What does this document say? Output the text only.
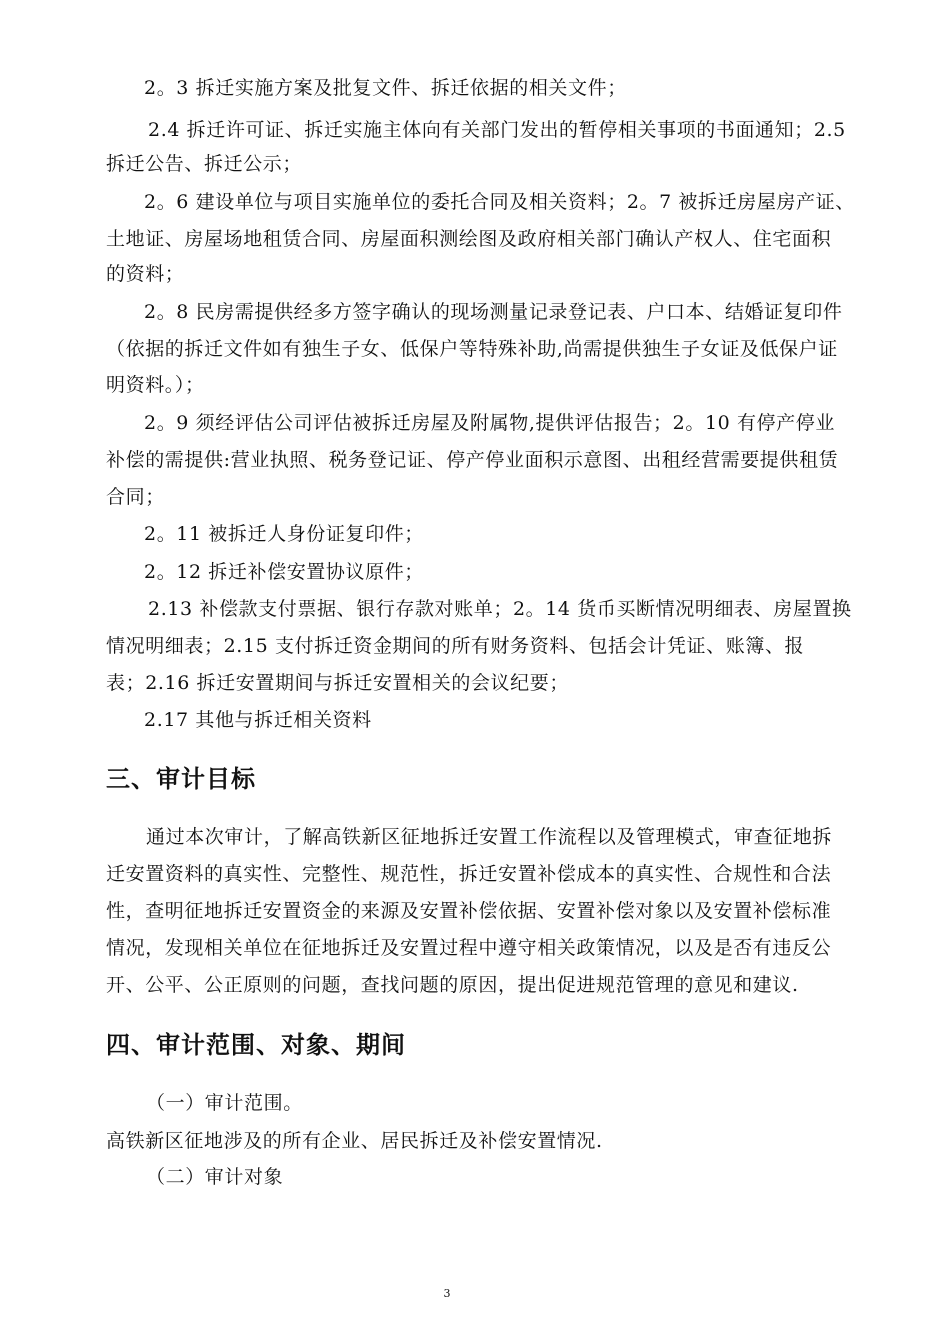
2。3 拆迁实施方案及批复文件、拆迁依据的相关文件；
2.4 拆迁许可证、拆迁实施主体向有关部门发出的暂停相关事项的书面通知；2.5
拆迁公告、拆迁公示；
2。6 建设单位与项目实施单位的委托合同及相关资料；2。7 被拆迁房屋房产证、
土地证、房屋场地租赁合同、房屋面积测绘图及政府相关部门确认产权人、住宅面积
的资料；
2。8 民房需提供经多方签字确认的现场测量记录登记表、户口本、结婚证复印件
（依据的拆迁文件如有独生子女、低保户等特殊补助,尚需提供独生子女证及低保户证
明资料。）；
2。9 须经评估公司评估被拆迁房屋及附属物,提供评估报告；2。10 有停产停业
补偿的需提供:营业执照、税务登记证、停产停业面积示意图、出租经营需要提供租赁
合同；
2。11 被拆迁人身份证复印件；
2。12 拆迁补偿安置协议原件；
2.13 补偿款支付票据、银行存款对账单；2。14 货币买断情况明细表、房屋置换
情况明细表；2.15 支付拆迁资金期间的所有财务资料、包括会计凭证、账簿、报
表；2.16 拆迁安置期间与拆迁安置相关的会议纪要；
2.17 其他与拆迁相关资料
三、审计目标
通过本次审计，了解高铁新区征地拆迁安置工作流程以及管理模式，审查征地拆
迁安置资料的真实性、完整性、规范性，拆迁安置补偿成本的真实性、合规性和合法
性，查明征地拆迁安置资金的来源及安置补偿依据、安置补偿对象以及安置补偿标准
情况，发现相关单位在征地拆迁及安置过程中遵守相关政策情况，以及是否有违反公
开、公平、公正原则的问题，查找问题的原因，提出促进规范管理的意见和建议.
四、审计范围、对象、期间
（一）审计范围。
高铁新区征地涉及的所有企业、居民拆迁及补偿安置情况.
（二）审计对象
3
